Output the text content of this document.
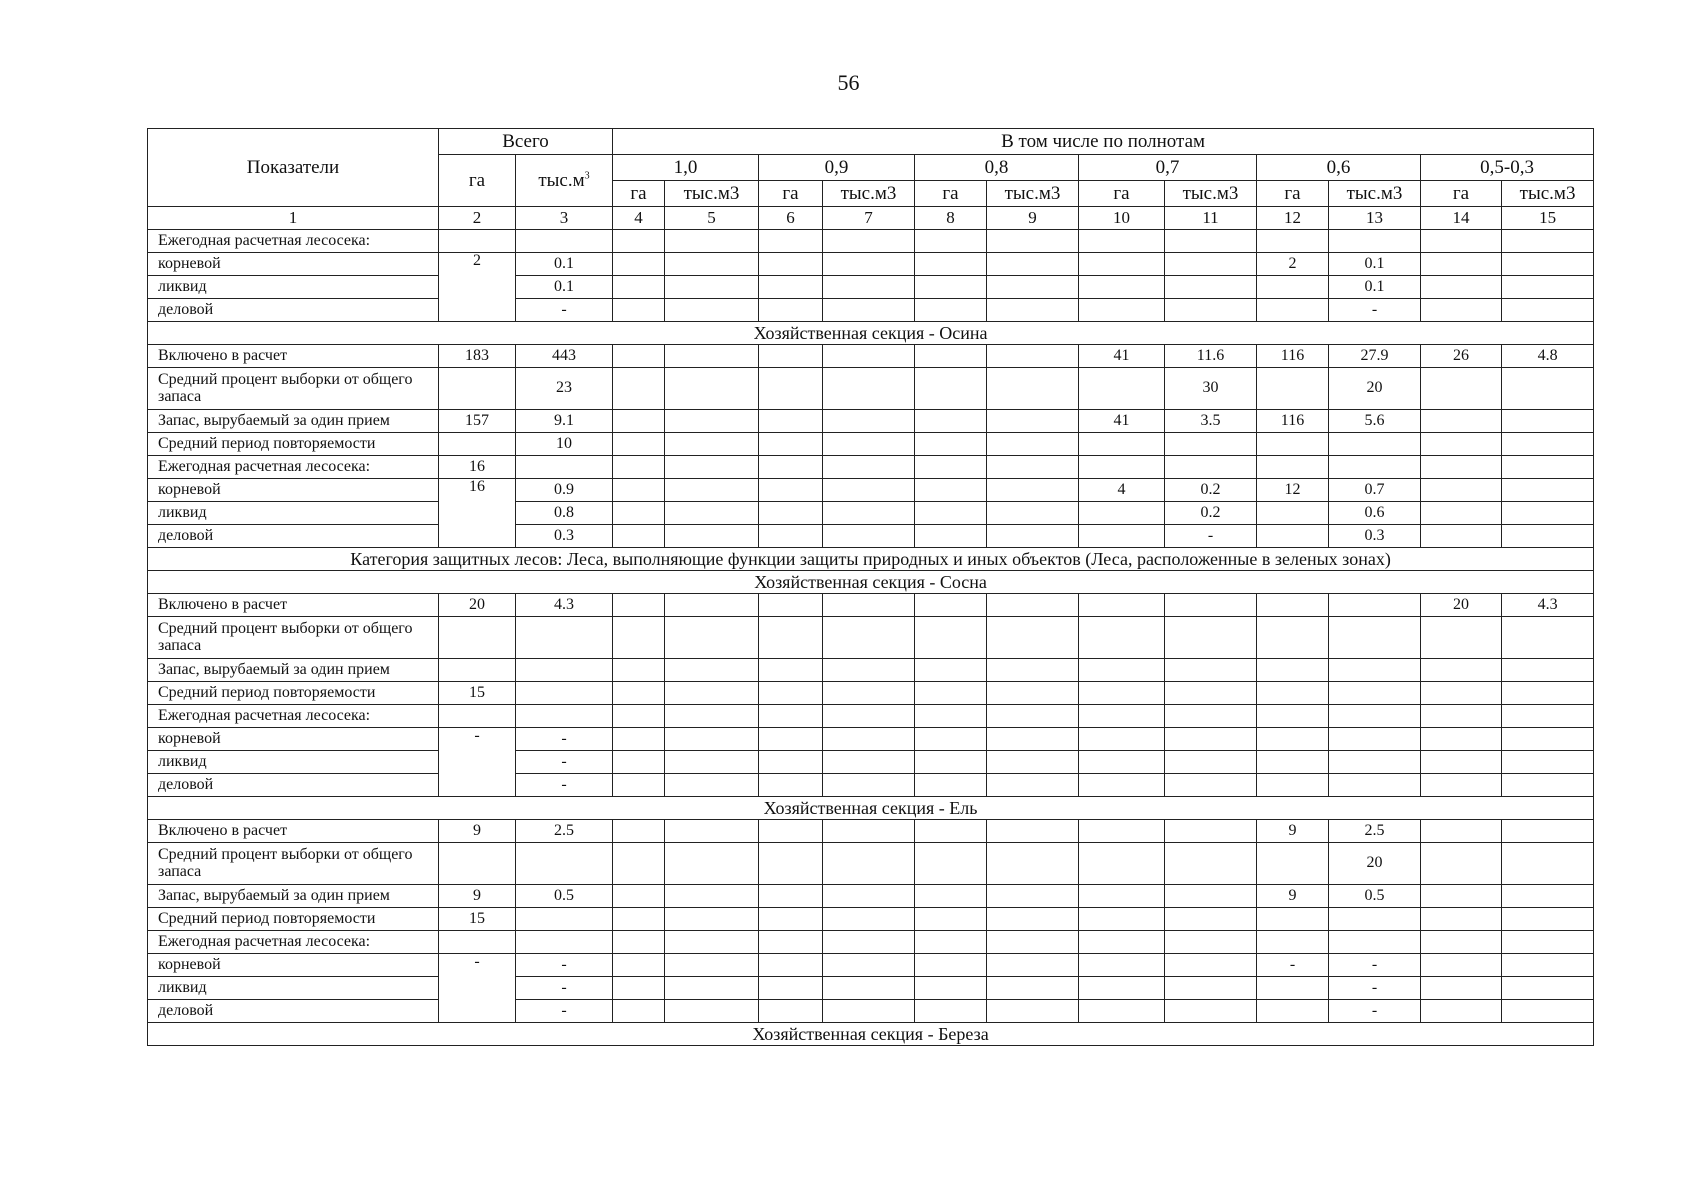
56
Показатели	Всего		В том числе по полнотам											
	га	$тыс.м^3$	1,0		0,9		0,8		0,7		0,6		0,5-0,3	
			га	тыс.м3	га	тыс.м3	га	тыс.м3	га	тыс.м3	га	тыс.м3	га	тыс.м3
1	2	3	4	5	6	7	8	9	10	11	12	13	14	15
Ежегодная расчетная лесосека:														
корневой	2	0.1									2	0.1		
ликвид		0.1										0.1		
деловой		-										-		
Хозяйственная секция - Осина														
Включено в расчет	183	443							41	11.6	116	27.9	26	4.8
Средний процент выборки от общего запаса		23								30		20		
Запас, вырубаемый за один прием	157	9.1							41	3.5	116	5.6		
Средний период повторяемости		10												
Ежегодная расчетная лесосека:	16													
корневой	16	0.9							4	0.2	12	0.7		
ликвид		0.8								0.2		0.6		
деловой		0.3								-		0.3		
Категория защитных лесов: Леса, выполняющие функции защиты природных и иных объектов (Леса, расположенные в зеленых зонах)														
Хозяйственная секция - Сосна														
Включено в расчет	20	4.3											20	4.3
Средний процент выборки от общего запаса														
Запас, вырубаемый за один прием														
Средний период повторяемости	15													
Ежегодная расчетная лесосека:														
корневой	-	-												
ликвид		-												
деловой		-												
Хозяйственная секция - Ель														
Включено в расчет	9	2.5									9	2.5		
Средний процент выборки от общего запаса												20		
Запас, вырубаемый за один прием	9	0.5									9	0.5		
Средний период повторяемости	15													
Ежегодная расчетная лесосека:														
корневой	-	-									-	-		
ликвид		-										-		
деловой		-										-		
Хозяйственная секция - Береза														
